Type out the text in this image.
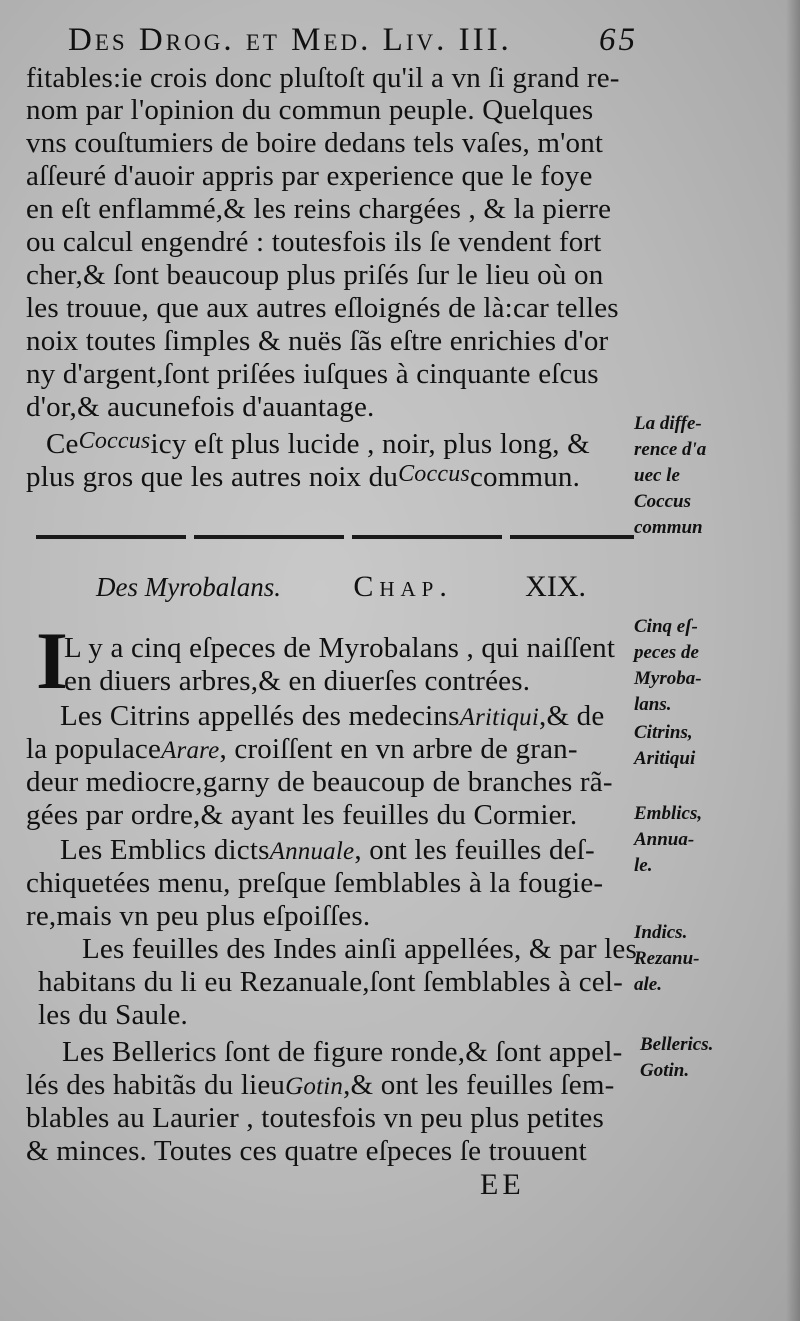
Des Drog. et Med. Liv. III.	65
fitables:ie crois donc pluſtoſt qu'il a vn ſi grand re-
nom par l'opinion du commun peuple. Quelques
vns couſtumiers de boire dedans tels vaſes, m'ont
aſſeuré d'auoir appris par experience que le foye
en eſt enflammé,& les reins chargées , & la pierre
ou calcul engendré : toutesfois ils ſe vendent fort
cher,& ſont beaucoup plus priſés ſur le lieu où on
les trouue, que aux autres eſloignés de là:car telles
noix toutes ſimples & nuës ſãs eſtre enrichies d'or
ny d'argent,ſont priſées iuſques à cinquante eſcus
d'or,& aucunefois d'auantage.
Ce Coccus icy eſt plus lucide , noir, plus long, &
plus gros que les autres noix du Coccus commun.
La diffe-
rence d'a
uec le
Coccus
commun
Des Myrobalans. Chap. XIX.
I
L y a cinq eſpeces de Myrobalans , qui naiſſent
en diuers arbres,& en diuerſes contrées.
Les Citrins appellés des medecinsAritiqui,& de
la populaceArare, croiſſent en vn arbre de gran-
deur mediocre,garny de beaucoup de branches rã-
gées par ordre,& ayant les feuilles du Cormier.
Les Emblics dictsAnnuale, ont les feuilles deſ-
chiquetées menu, preſque ſemblables à la fougie-
re,mais vn peu plus eſpoiſſes.
Les feuilles des Indes ainſi appellées, & par les
habitans du li eu Rezanuale,ſont ſemblables à cel-
les du Saule.
Les Bellerics ſont de figure ronde,& ſont appel-
lés des habitãs du lieuGotin,& ont les feuilles ſem-
blables au Laurier , toutesfois vn peu plus petites
& minces. Toutes ces quatre eſpeces ſe trouuent
Cinq eſ-
peces de
Myroba-
lans.
Citrins,
Aritiqui
Emblics,
Annua-
le.
Indics.
Rezanu-
ale.
Bellerics.
Gotin.
EE
